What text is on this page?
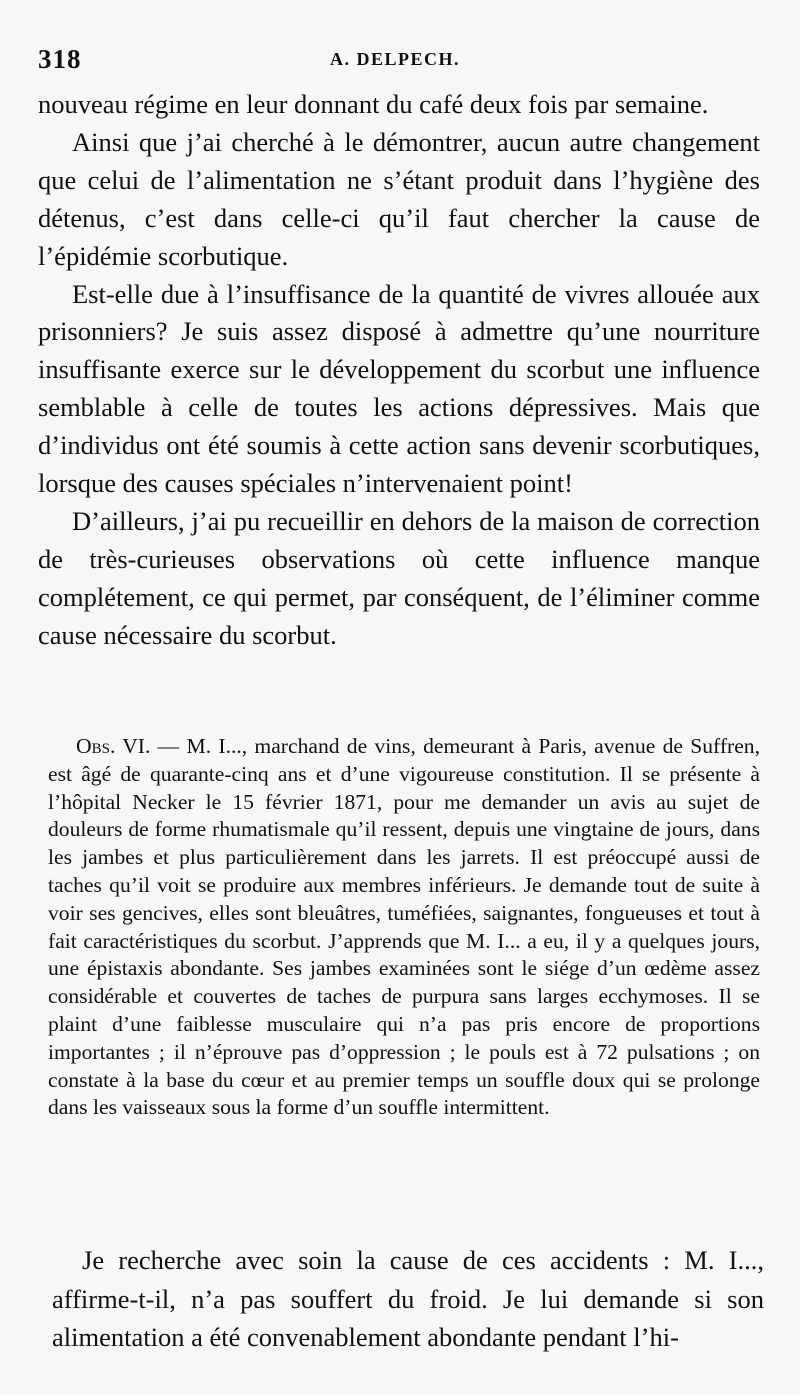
318	A. DELPECH.

nouveau régime en leur donnant du café deux fois par semaine.

Ainsi que j’ai cherché à le démontrer, aucun autre changement que celui de l’alimentation ne s’étant produit dans l’hygiène des détenus, c’est dans celle-ci qu’il faut chercher la cause de l’épidémie scorbutique.

Est-elle due à l’insuffisance de la quantité de vivres allouée aux prisonniers? Je suis assez disposé à admettre qu’une nourriture insuffisante exerce sur le développement du scorbut une influence semblable à celle de toutes les actions dépressives. Mais que d’individus ont été soumis à cette action sans devenir scorbutiques, lorsque des causes spéciales n’intervenaient point!

D’ailleurs, j’ai pu recueillir en dehors de la maison de correction de très-curieuses observations où cette influence manque complétement, ce qui permet, par conséquent, de l’éliminer comme cause nécessaire du scorbut.

Obs. VI. — M. I..., marchand de vins, demeurant à Paris, avenue de Suffren, est âgé de quarante-cinq ans et d’une vigoureuse constitution. Il se présente à l’hôpital Necker le 15 février 1871, pour me demander un avis au sujet de douleurs de forme rhumatismale qu’il ressent, depuis une vingtaine de jours, dans les jambes et plus particulièrement dans les jarrets. Il est préoccupé aussi de taches qu’il voit se produire aux membres inférieurs. Je demande tout de suite à voir ses gencives, elles sont bleuâtres, tuméfiées, saignantes, fongueuses et tout à fait caractéristiques du scorbut. J’apprends que M. I... a eu, il y a quelques jours, une épistaxis abondante. Ses jambes examinées sont le siége d’un œdème assez considérable et couvertes de taches de purpura sans larges ecchymoses. Il se plaint d’une faiblesse musculaire qui n’a pas pris encore de proportions importantes ; il n’éprouve pas d’oppression ; le pouls est à 72 pulsations ; on constate à la base du cœur et au premier temps un souffle doux qui se prolonge dans les vaisseaux sous la forme d’un souffle intermittent.

Je recherche avec soin la cause de ces accidents : M. I..., affirme-t-il, n’a pas souffert du froid. Je lui demande si son alimentation a été convenablement abondante pendant l’hi-
